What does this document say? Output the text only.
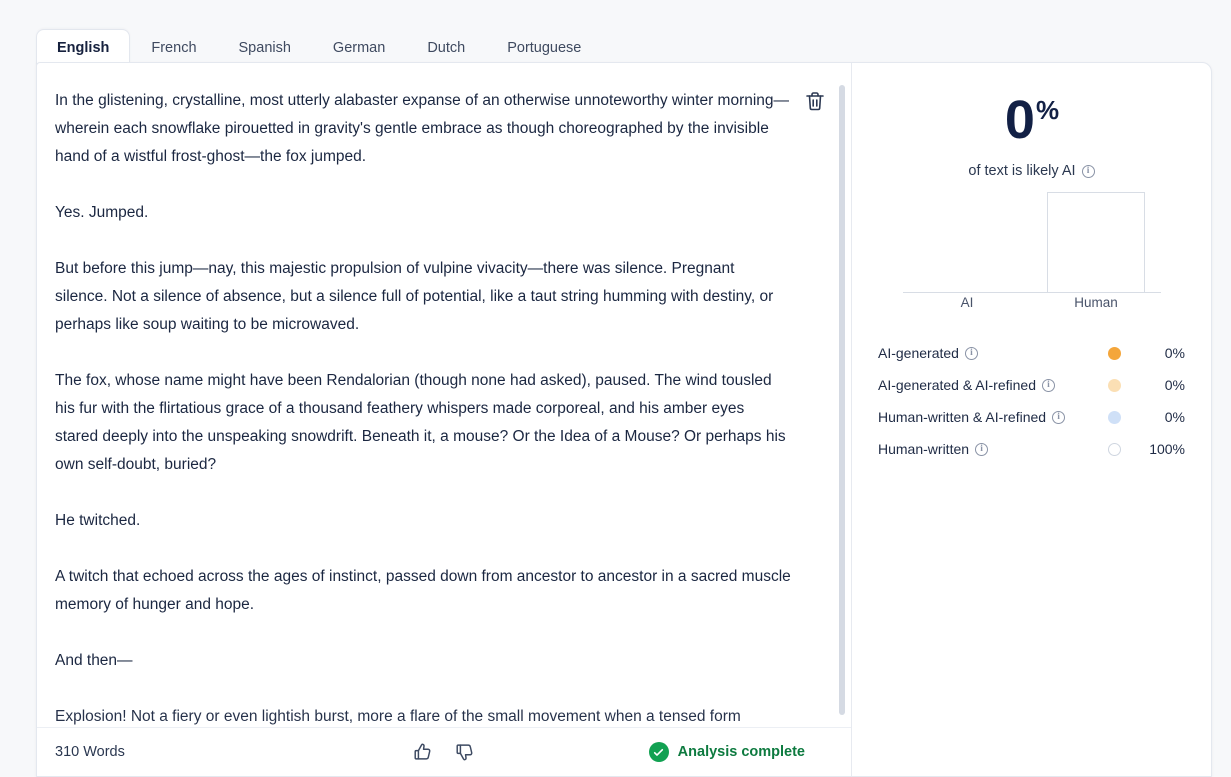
English	French	Spanish	German	Dutch	Portuguese

In the glistening, crystalline, most utterly alabaster expanse of an otherwise unnoteworthy winter morning—wherein each snowflake pirouetted in gravity's gentle embrace as though choreographed by the invisible hand of a wistful frost-ghost—the fox jumped.

Yes. Jumped.

But before this jump—nay, this majestic propulsion of vulpine vivacity—there was silence. Pregnant silence. Not a silence of absence, but a silence full of potential, like a taut string humming with destiny, or perhaps like soup waiting to be microwaved.

The fox, whose name might have been Rendalorian (though none had asked), paused. The wind tousled his fur with the flirtatious grace of a thousand feathery whispers made corporeal, and his amber eyes stared deeply into the unspeaking snowdrift. Beneath it, a mouse? Or the Idea of a Mouse? Or perhaps his own self-doubt, buried?

He twitched.

A twitch that echoed across the ages of instinct, passed down from ancestor to ancestor in a sacred muscle memory of hunger and hope.

And then—

Explosion! Not a fiery or even lightish burst, more a flare of the small movement when a tensed form
310 Words	Analysis complete
0%
of text is likely AI	i
AI	Human
AI-generated	i	0%
AI-generated & AI-refined	i	0%
Human-written & AI-refined	i	0%
Human-written	i	100%
